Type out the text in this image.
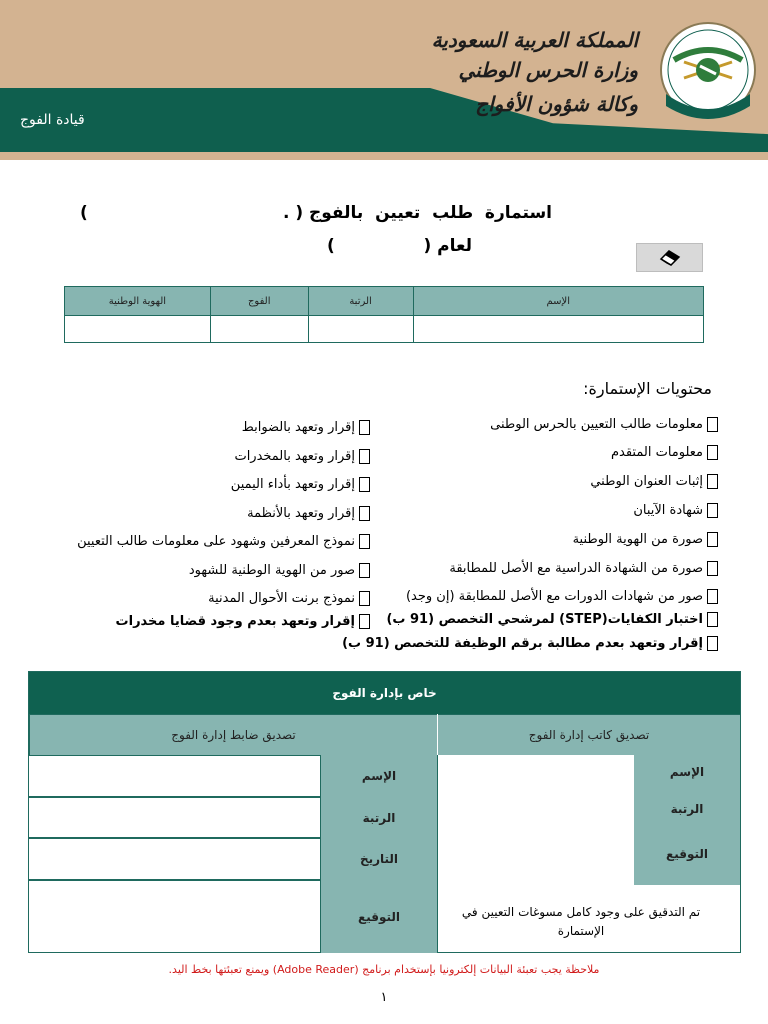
قيادة الفوج
المملكة العربية السعودية
وزارة الحرس الوطني
وكالة شؤون الأفواج
استمارة  طلب  تعيين  بالفوج ( .
)
لعام (               )
الإسم	الرتبة	الفوج	الهوية الوطنية

محتويات الإستمارة:
معلومات طالب التعيين بالحرس الوطنى
معلومات المتقدم
إثبات العنوان الوطني
شهادة الآيبان
صورة من الهوية الوطنية
صورة من الشهادة الدراسية مع الأصل للمطابقة
صور من شهادات الدورات مع الأصل للمطابقة (إن وجد)
اختبار الكفايات(STEP) لمرشحي التخصص (91 ب)
إقرار وتعهد بعدم مطالبة برقم الوظيفة للتخصص (91 ب)
إقرار وتعهد بالضوابط
إقرار وتعهد بالمخدرات
إقرار وتعهد بأداء اليمين
إقرار وتعهد بالأنظمة
نموذج المعرفين وشهود على معلومات طالب التعيين
صور من الهوية الوطنية للشهود
نموذج برنت الأحوال المدنية
إقرار وتعهد بعدم وجود قضايا مخدرات
خاص بإدارة الفوج
تصديق ضابط إدارة الفوج	تصديق كاتب إدارة الفوج
الإسم
الرتبة
التاريخ
التوقيع
الإسم
الرتبة
التوقيع
تم التدقيق على وجود كامل مسوغات التعيين في الإستمارة
ملاحظة يجب تعبئة البيانات إلكترونيا بإستخدام برنامج (Adobe Reader) ويمنع تعبئتها بخط اليد.
١
